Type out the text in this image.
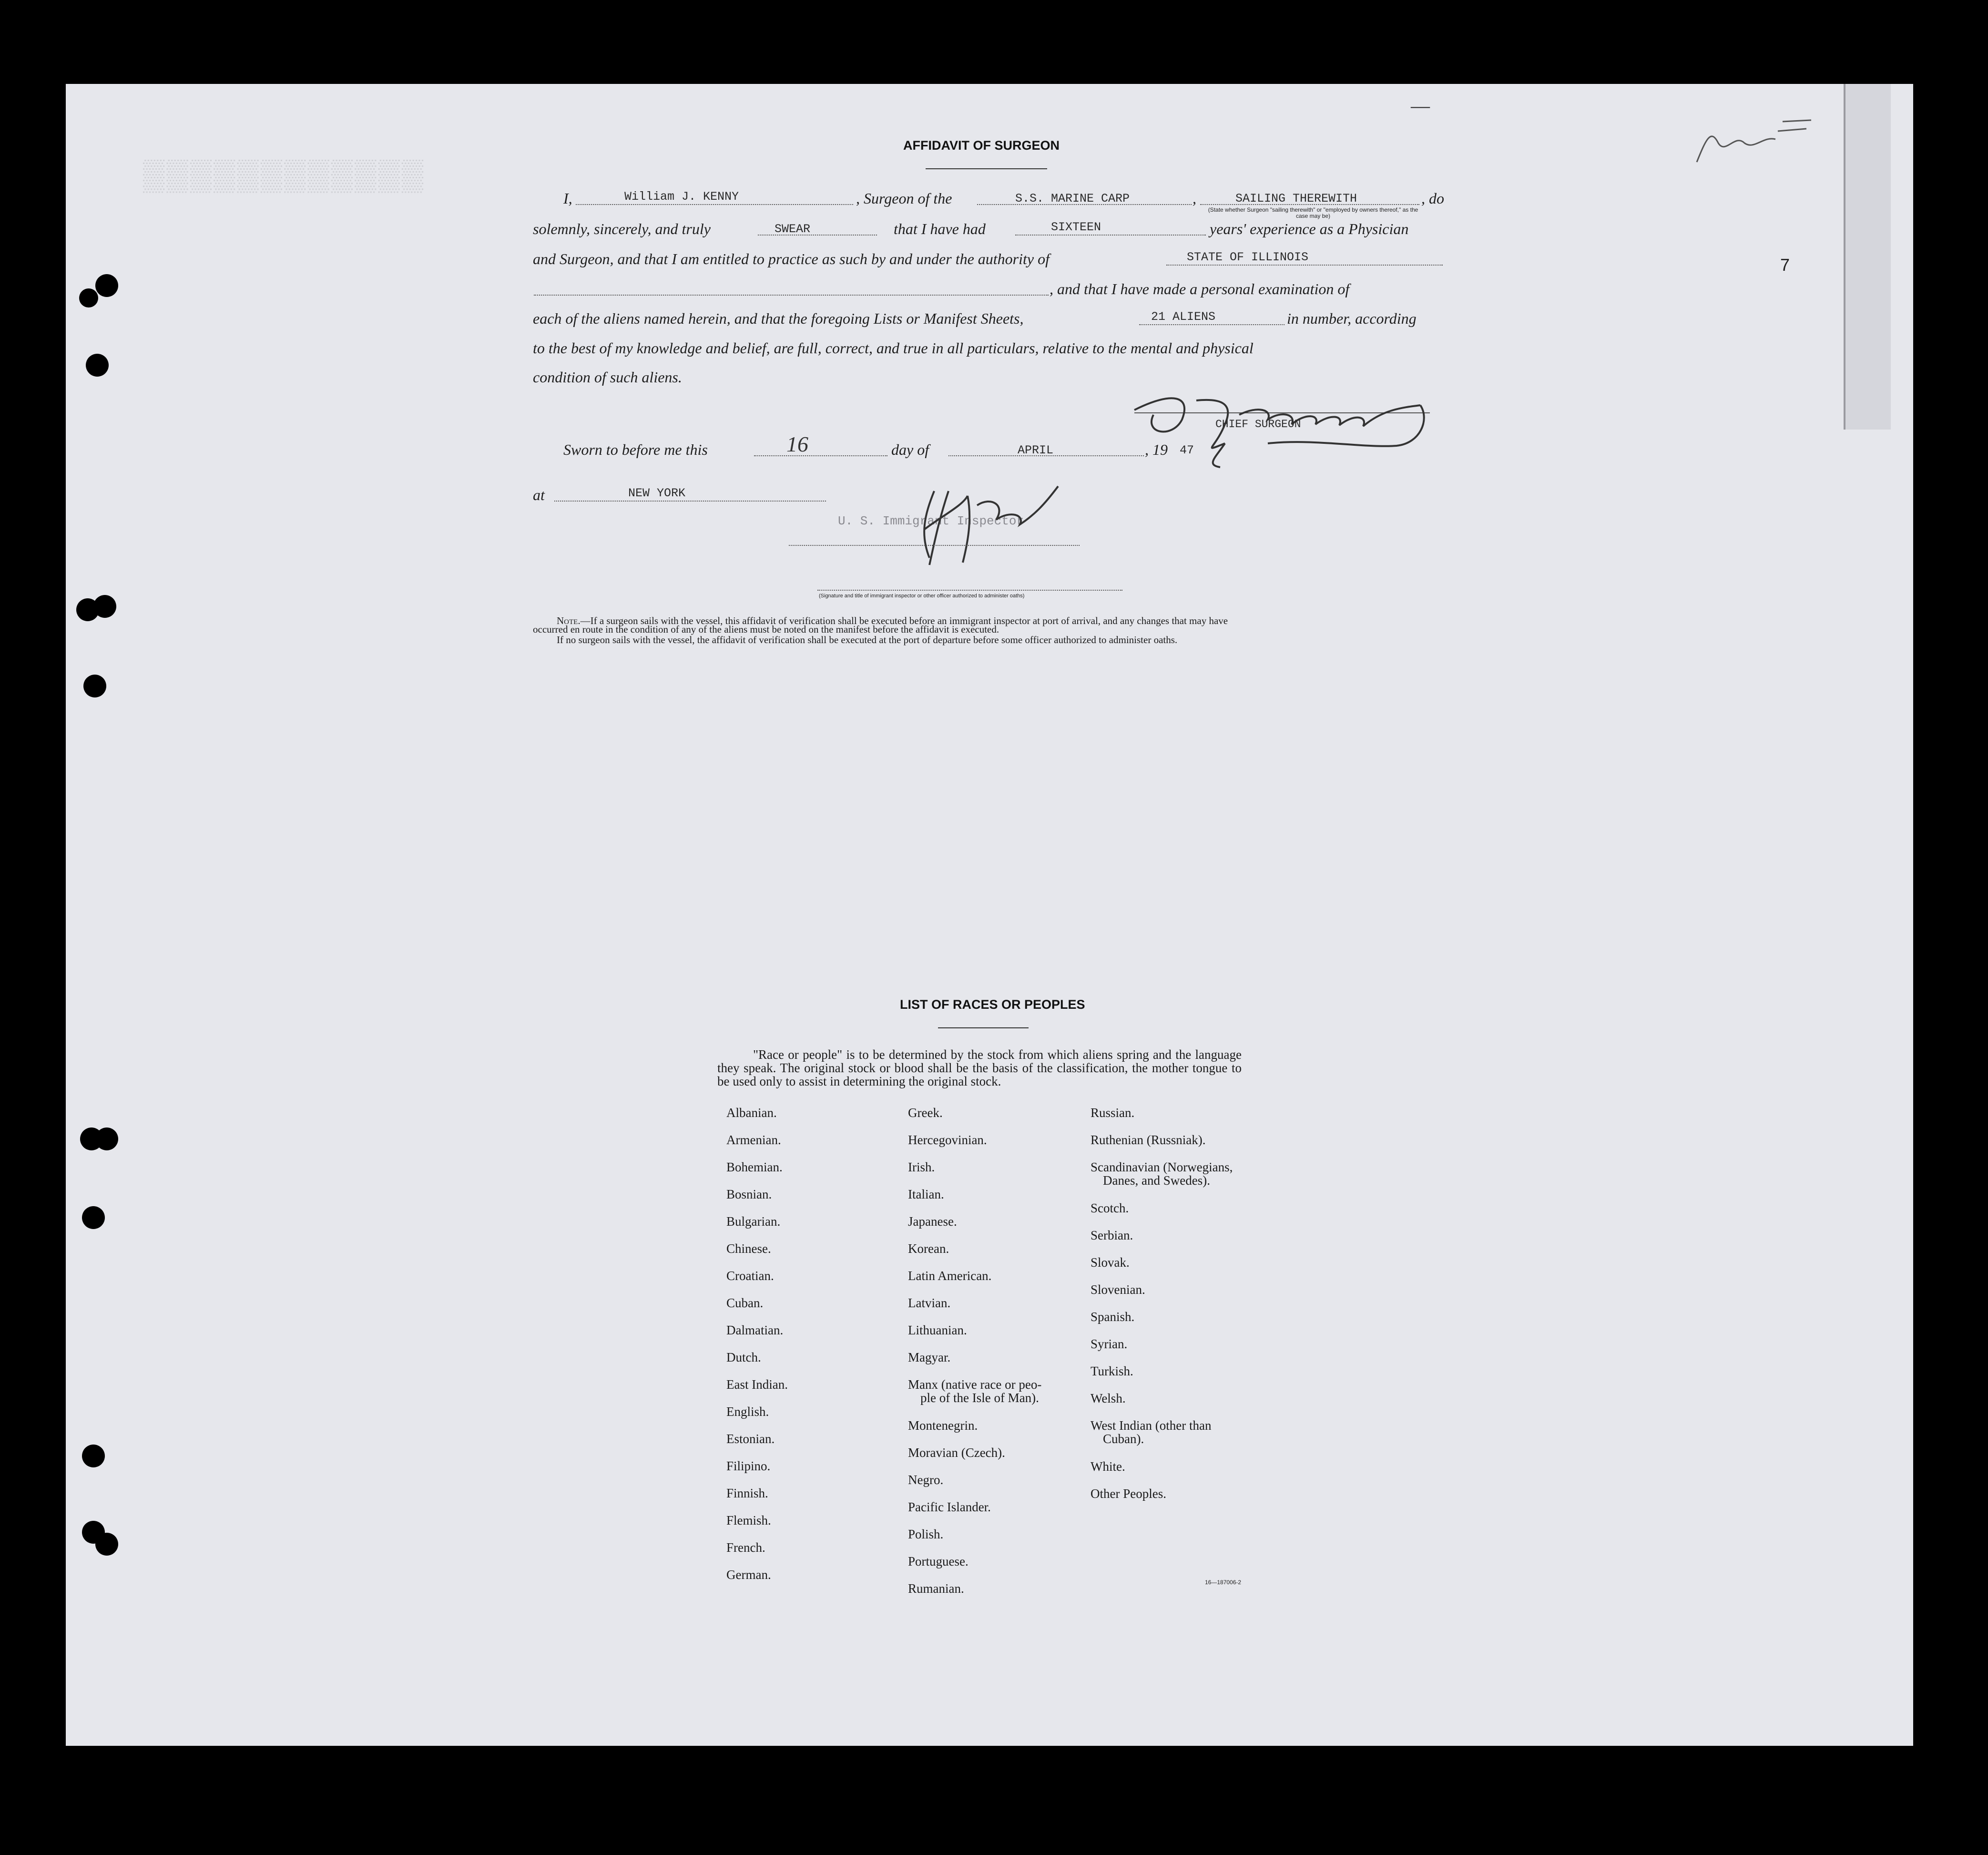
▒▒▒▒▒▒▒▒▒▒▒▒
—
7
AFFIDAVIT OF SURGEON
I,	William J. KENNY	, Surgeon of the	S.S. MARINE CARP	,	SAILING THEREWITH
(State whether Surgeon "sailing therewith" or "employed by owners thereof," as the case may be)
, do
solemnly, sincerely, and truly	SWEAR	that I have had	SIXTEEN	years' experience as a Physician
and Surgeon, and that I am entitled to practice as such by and under the authority of	STATE OF ILLINOIS
, and that I have made a personal examination of
each of the aliens named herein, and that the foregoing Lists or Manifest Sheets,	21 ALIENS	in number, according
to the best of my knowledge and belief, are full, correct, and true in all particulars, relative to the mental and physical
condition of such aliens.
CHIEF SURGEON
Sworn to before me this	16	day of	APRIL	, 19 47
at	NEW YORK
U. S. Immigrant Inspector
(Signature and title of immigrant inspector or other officer authorized to administer oaths)
Note.—If a surgeon sails with the vessel, this affidavit of verification shall be executed before an immigrant inspector at port of arrival, and any changes that may have
occurred en route in the condition of any of the aliens must be noted on the manifest before the affidavit is executed.
If no surgeon sails with the vessel, the affidavit of verification shall be executed at the port of departure before some officer authorized to administer oaths.
LIST OF RACES OR PEOPLES
"Race or people" is to be determined by the stock from which aliens spring and the language they speak. The original stock or blood shall be the basis of the classification, the mother tongue to be used only to assist in determining the original stock.
Albanian.
Armenian.
Bohemian.
Bosnian.
Bulgarian.
Chinese.
Croatian.
Cuban.
Dalmatian.
Dutch.
East Indian.
English.
Estonian.
Filipino.
Finnish.
Flemish.
French.
German.
Greek.
Hercegovinian.
Irish.
Italian.
Japanese.
Korean.
Latin American.
Latvian.
Lithuanian.
Magyar.
Manx (native race or peo-
ple of the Isle of Man).
Montenegrin.
Moravian (Czech).
Negro.
Pacific Islander.
Polish.
Portuguese.
Rumanian.
Russian.
Ruthenian (Russniak).
Scandinavian (Norwegians,
Danes, and Swedes).
Scotch.
Serbian.
Slovak.
Slovenian.
Spanish.
Syrian.
Turkish.
Welsh.
West Indian (other than
Cuban).
White.
Other Peoples.
16—187006-2
